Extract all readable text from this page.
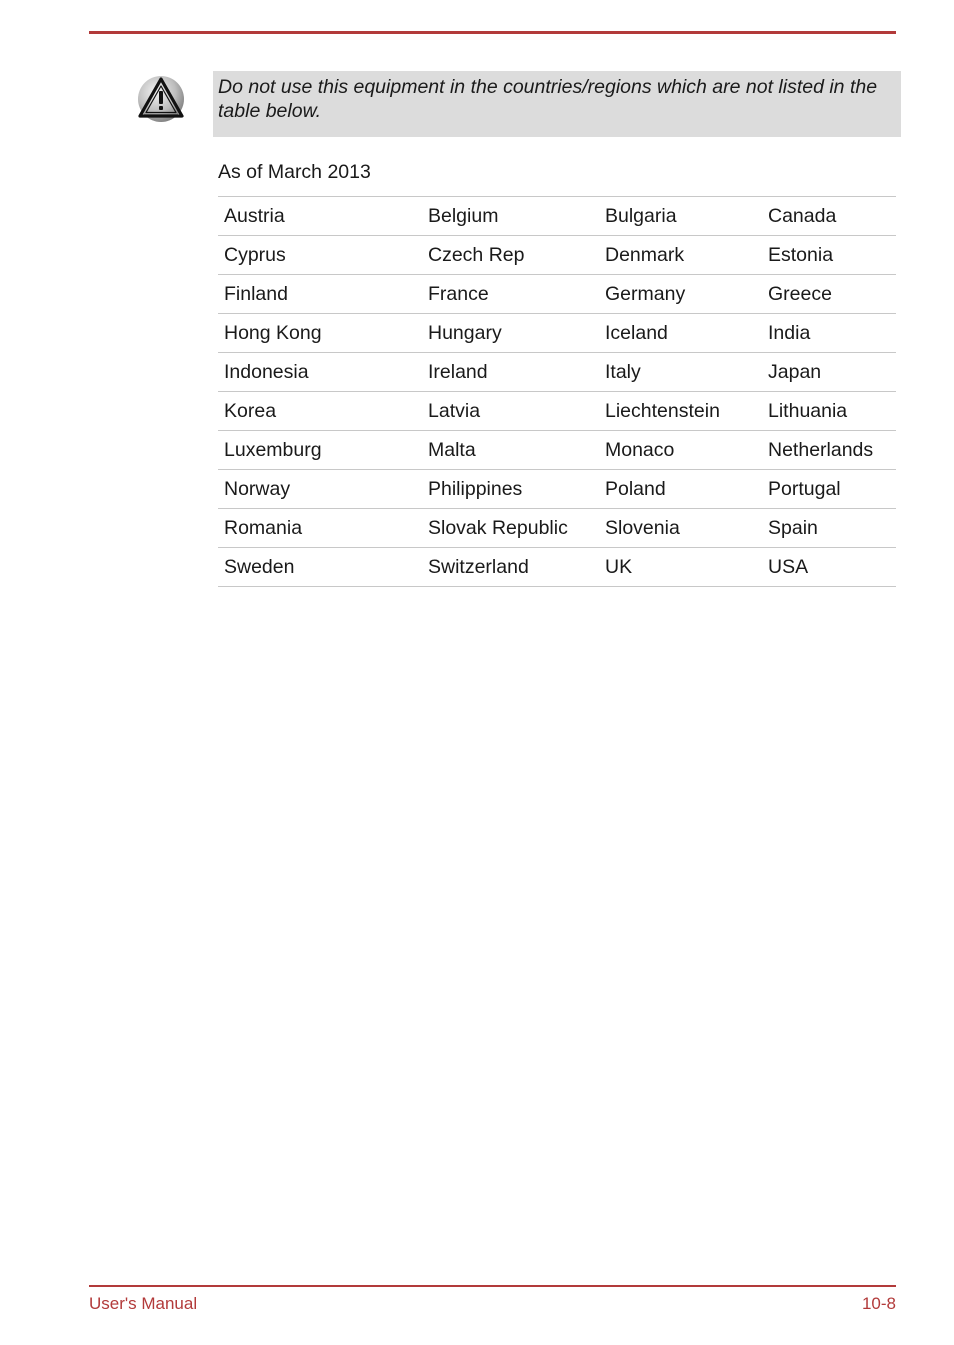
Do not use this equipment in the countries/regions which are not listed in the table below.

As of March 2013

Austria	Belgium	Bulgaria	Canada
Cyprus	Czech Rep	Denmark	Estonia
Finland	France	Germany	Greece
Hong Kong	Hungary	Iceland	India
Indonesia	Ireland	Italy	Japan
Korea	Latvia	Liechtenstein	Lithuania
Luxemburg	Malta	Monaco	Netherlands
Norway	Philippines	Poland	Portugal
Romania	Slovak Republic	Slovenia	Spain
Sweden	Switzerland	UK	USA
User's Manual	10-8
